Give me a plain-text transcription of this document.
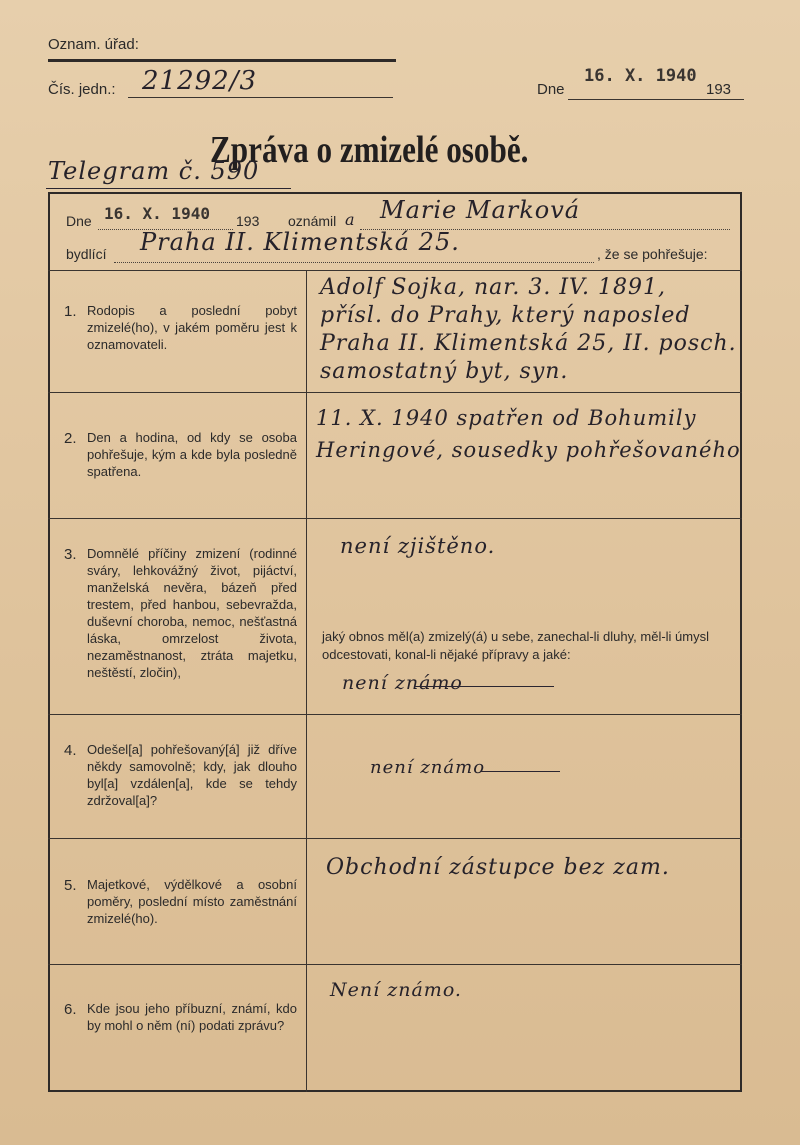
Oznam. úřad:
Čís. jedn.: 21292/3	Dne
16. X. 1940
193
Zpráva o zmizelé osobě.
Telegram č. 590
Dne 16. X. 1940 193 oznámil a Marie Marková
bydlící Praha II. Klimentská 25.	, že se pohřešuje:
1. Rodopis a poslední pobyt zmizelé(ho), v jakém poměru jest k oznamovateli.
Adolf Sojka, nar. 3. IV. 1891,
přísl. do Prahy, který naposled
Praha II. Klimentská 25, II. posch.
samostatný byt, syn.
2. Den a hodina, od kdy se osoba pohřešuje, kým a kde byla posledně spatřena.
11. X. 1940 spatřen od Bohumily
Heringové, sousedky pohřešovaného
3. Domnělé příčiny zmizení (rodinné sváry, lehkovážný život, pijáctví, manželská nevěra, bázeň před trestem, před hanbou, sebevražda, duševní choroba, nemoc, nešťastná láska, omrzelost života, nezaměstnanost, ztráta majetku, neštěstí, zločin),
není zjištěno.
jaký obnos měl(a) zmizelý(á) u sebe, zanechal-li dluhy, měl-li úmysl odcestovati, konal-li nějaké přípravy a jaké:
není známo
4. Odešel[a] pohřešovaný[á] již dříve někdy samovolně; kdy, jak dlouho byl[a] vzdálen[a], kde se tehdy zdržoval[a]?
není známo
5. Majetkové, výdělkové a osobní poměry, poslední místo zaměstnání zmizelé(ho).
Obchodní zástupce bez zam.
6. Kde jsou jeho příbuzní, známí, kdo by mohl o něm (ní) podati zprávu?
Není známo.
